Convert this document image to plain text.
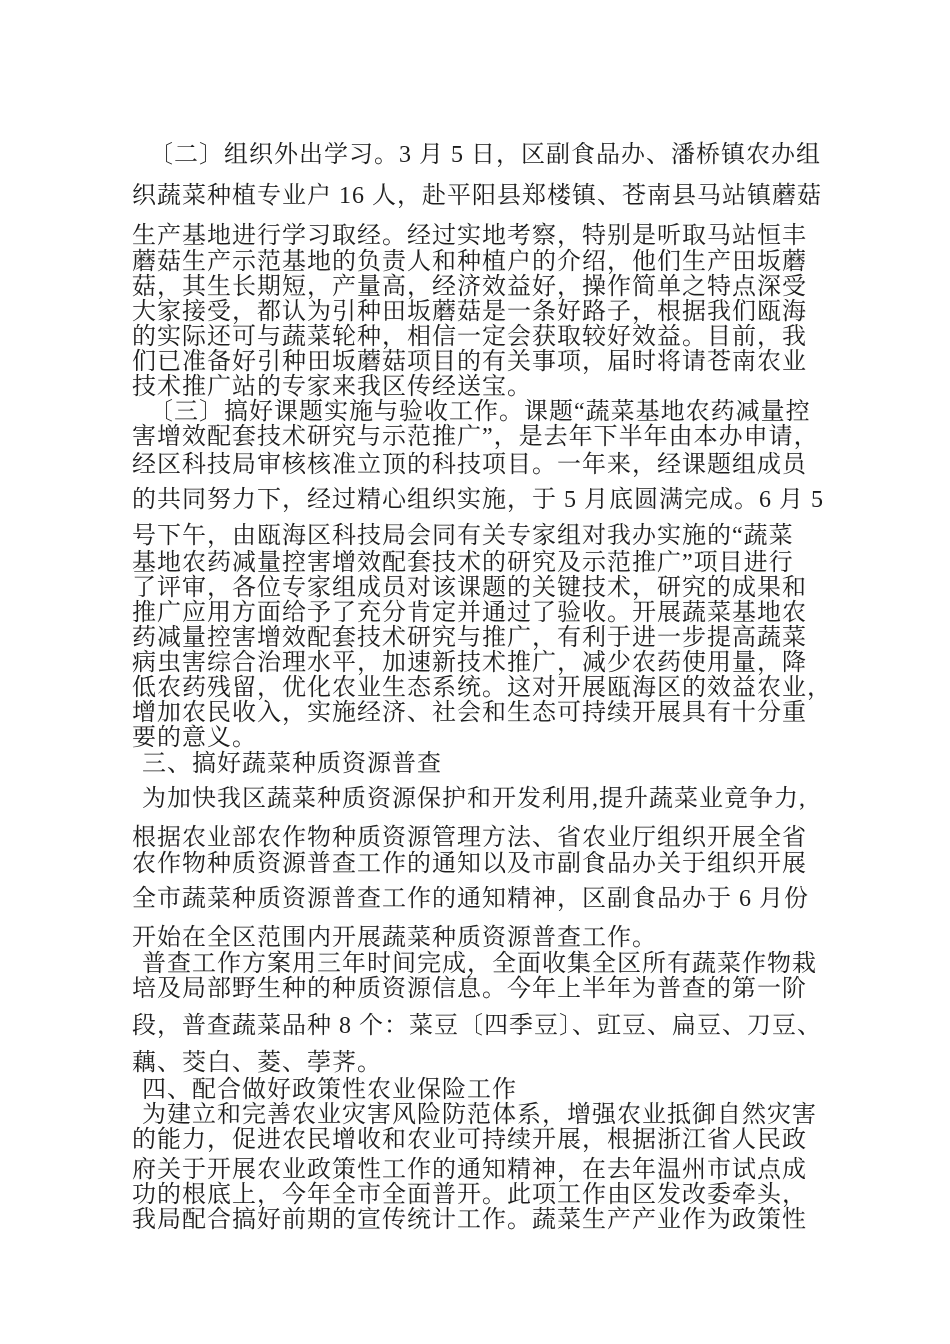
〔二〕组织外出学习。3 月 5 日，区副食品办、潘桥镇农办组

织蔬菜种植专业户 16 人，赴平阳县郑楼镇、苍南县马站镇蘑菇

生产基地进行学习取经。经过实地考察，特别是听取马站恒丰

蘑菇生产示范基地的负责人和种植户的介绍，他们生产田坂蘑

菇，其生长期短，产量高，经济效益好，操作简单之特点深受

大家接受，都认为引种田坂蘑菇是一条好路子，根据我们瓯海

的实际还可与蔬菜轮种，相信一定会获取较好效益。目前，我

们已准备好引种田坂蘑菇项目的有关事项，届时将请苍南农业

技术推广站的专家来我区传经送宝。

〔三〕搞好课题实施与验收工作。课题“蔬菜基地农药减量控

害增效配套技术研究与示范推广”，是去年下半年由本办申请，

经区科技局审核核准立顶的科技项目。一年来，经课题组成员

的共同努力下，经过精心组织实施，于 5 月底圆满完成。6 月 5

号下午，由瓯海区科技局会同有关专家组对我办实施的“蔬菜

基地农药减量控害增效配套技术的研究及示范推广”项目进行

了评审，各位专家组成员对该课题的关键技术，研究的成果和

推广应用方面给予了充分肯定并通过了验收。开展蔬菜基地农

药减量控害增效配套技术研究与推广，有利于进一步提高蔬菜

病虫害综合治理水平，加速新技术推广，减少农药使用量，降

低农药残留，优化农业生态系统。这对开展瓯海区的效益农业，

增加农民收入，实施经济、社会和生态可持续开展具有十分重

要的意义。

三、搞好蔬菜种质资源普查

为加快我区蔬菜种质资源保护和开发利用,提升蔬菜业竟争力,

根据农业部农作物种质资源管理方法、省农业厅组织开展全省

农作物种质资源普查工作的通知以及市副食品办关于组织开展

全市蔬菜种质资源普查工作的通知精神，区副食品办于 6 月份

开始在全区范围内开展蔬菜种质资源普查工作。

普查工作方案用三年时间完成，全面收集全区所有蔬菜作物栽

培及局部野生种的种质资源信息。今年上半年为普查的第一阶

段，普查蔬菜品种 8 个：菜豆〔四季豆〕、豇豆、扁豆、刀豆、

藕、茭白、菱、荸荠。

四、配合做好政策性农业保险工作

为建立和完善农业灾害风险防范体系，增强农业抵御自然灾害

的能力，促进农民增收和农业可持续开展，根据浙江省人民政

府关于开展农业政策性工作的通知精神，在去年温州市试点成

功的根底上，今年全市全面普开。此项工作由区发改委牵头，

我局配合搞好前期的宣传统计工作。蔬菜生产产业作为政策性
